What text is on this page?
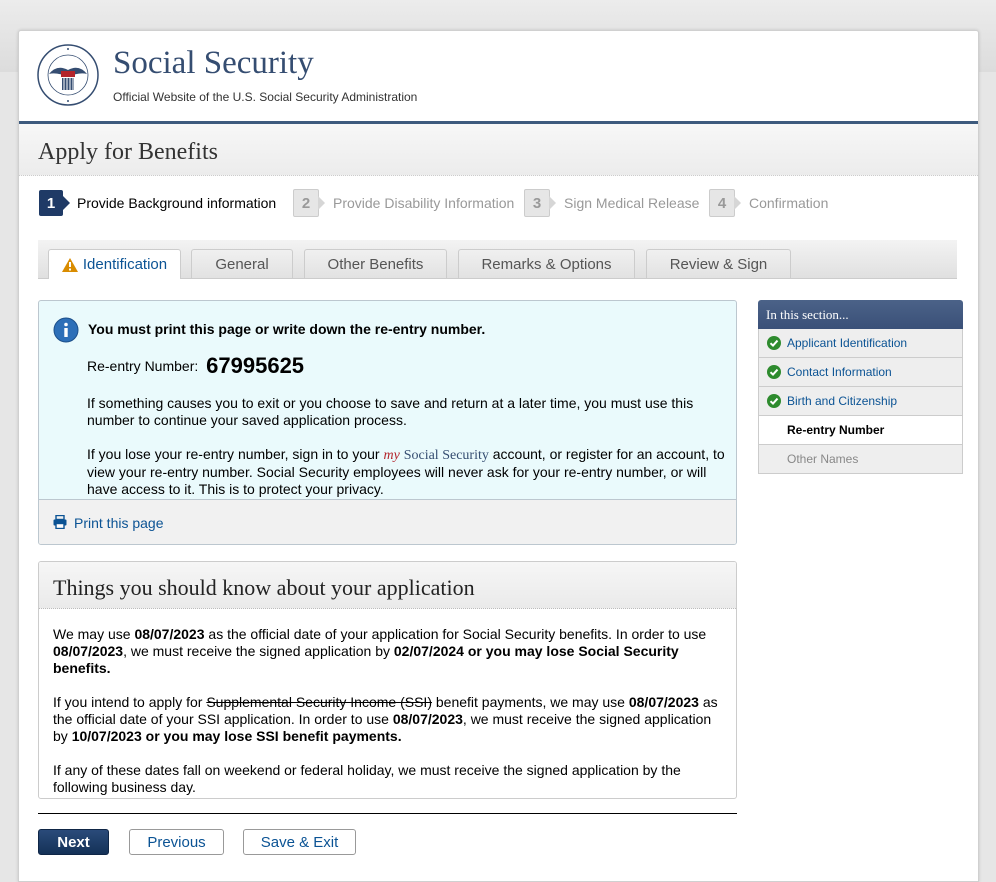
Social Security
Official Website of the U.S. Social Security Administration
Apply for Benefits
1	Provide Background information	2	Provide Disability Information	3	Sign Medical Release	4	Confirmation
Identification	General	Other Benefits	Remarks & Options	Review & Sign
You must print this page or write down the re-entry number.
Re-entry Number: 67995625
If something causes you to exit or you choose to save and return at a later time, you must use this number to continue your saved application process.
If you lose your re-entry number, sign in to your my Social Security account, or register for an account, to view your re-entry number. Social Security employees will never ask for your re-entry number, or will have access to it. This is to protect your privacy.
Print this page
Things you should know about your application
We may use 08/07/2023 as the official date of your application for Social Security benefits. In order to use 08/07/2023, we must receive the signed application by 02/07/2024 or you may lose Social Security benefits.
If you intend to apply for Supplemental Security Income (SSI) benefit payments, we may use 08/07/2023 as the official date of your SSI application. In order to use 08/07/2023, we must receive the signed application by 10/07/2023 or you may lose SSI benefit payments.
If any of these dates fall on weekend or federal holiday, we must receive the signed application by the following business day.
Next	Previous	Save & Exit
In this section...
Applicant Identification
Contact Information
Birth and Citizenship
Re-entry Number
Other Names
